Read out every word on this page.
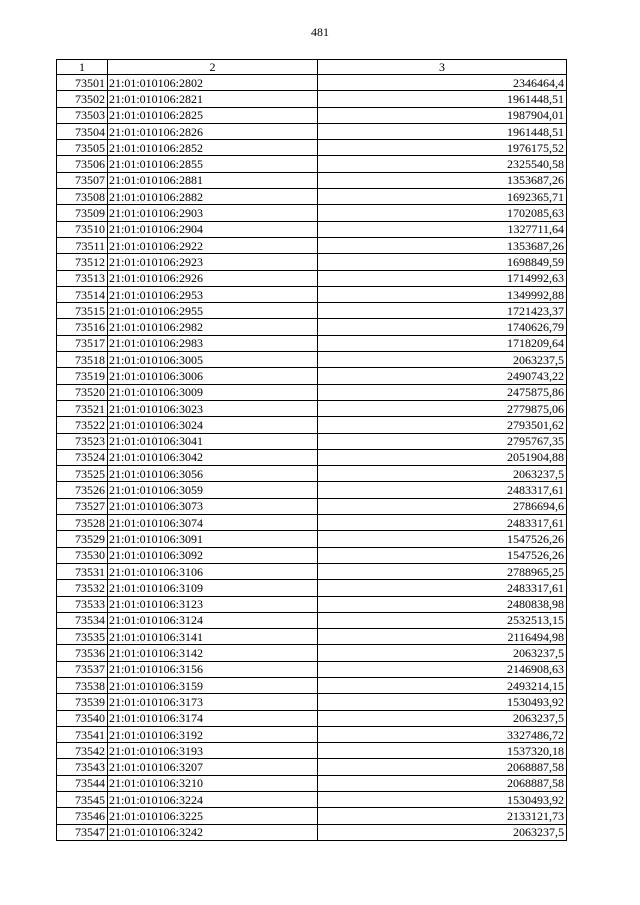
481
1	2	3
73501	21:01:010106:2802	2346464,4
73502	21:01:010106:2821	1961448,51
73503	21:01:010106:2825	1987904,01
73504	21:01:010106:2826	1961448,51
73505	21:01:010106:2852	1976175,52
73506	21:01:010106:2855	2325540,58
73507	21:01:010106:2881	1353687,26
73508	21:01:010106:2882	1692365,71
73509	21:01:010106:2903	1702085,63
73510	21:01:010106:2904	1327711,64
73511	21:01:010106:2922	1353687,26
73512	21:01:010106:2923	1698849,59
73513	21:01:010106:2926	1714992,63
73514	21:01:010106:2953	1349992,88
73515	21:01:010106:2955	1721423,37
73516	21:01:010106:2982	1740626,79
73517	21:01:010106:2983	1718209,64
73518	21:01:010106:3005	2063237,5
73519	21:01:010106:3006	2490743,22
73520	21:01:010106:3009	2475875,86
73521	21:01:010106:3023	2779875,06
73522	21:01:010106:3024	2793501,62
73523	21:01:010106:3041	2795767,35
73524	21:01:010106:3042	2051904,88
73525	21:01:010106:3056	2063237,5
73526	21:01:010106:3059	2483317,61
73527	21:01:010106:3073	2786694,6
73528	21:01:010106:3074	2483317,61
73529	21:01:010106:3091	1547526,26
73530	21:01:010106:3092	1547526,26
73531	21:01:010106:3106	2788965,25
73532	21:01:010106:3109	2483317,61
73533	21:01:010106:3123	2480838,98
73534	21:01:010106:3124	2532513,15
73535	21:01:010106:3141	2116494,98
73536	21:01:010106:3142	2063237,5
73537	21:01:010106:3156	2146908,63
73538	21:01:010106:3159	2493214,15
73539	21:01:010106:3173	1530493,92
73540	21:01:010106:3174	2063237,5
73541	21:01:010106:3192	3327486,72
73542	21:01:010106:3193	1537320,18
73543	21:01:010106:3207	2068887,58
73544	21:01:010106:3210	2068887,58
73545	21:01:010106:3224	1530493,92
73546	21:01:010106:3225	2133121,73
73547	21:01:010106:3242	2063237,5
